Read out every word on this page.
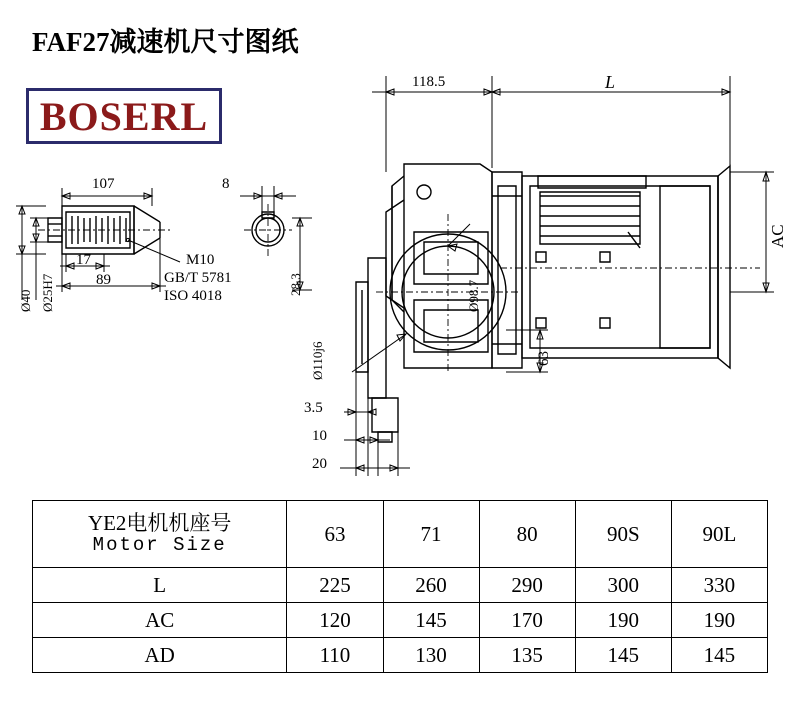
FAF27减速机尺寸图纸
BOSERL
118.5	L
AC
107	8
17
89
Ø40 Ø25H7
M10
GB/T 5781
ISO 4018	28.3	Ø98.7
Ø110j6	63
3.5
10
20
YE2电机机座号
Motor Size	63	71	80	90S	90L
L	225	260	290	300	330
AC	120	145	170	190	190
AD	110	130	135	145	145
